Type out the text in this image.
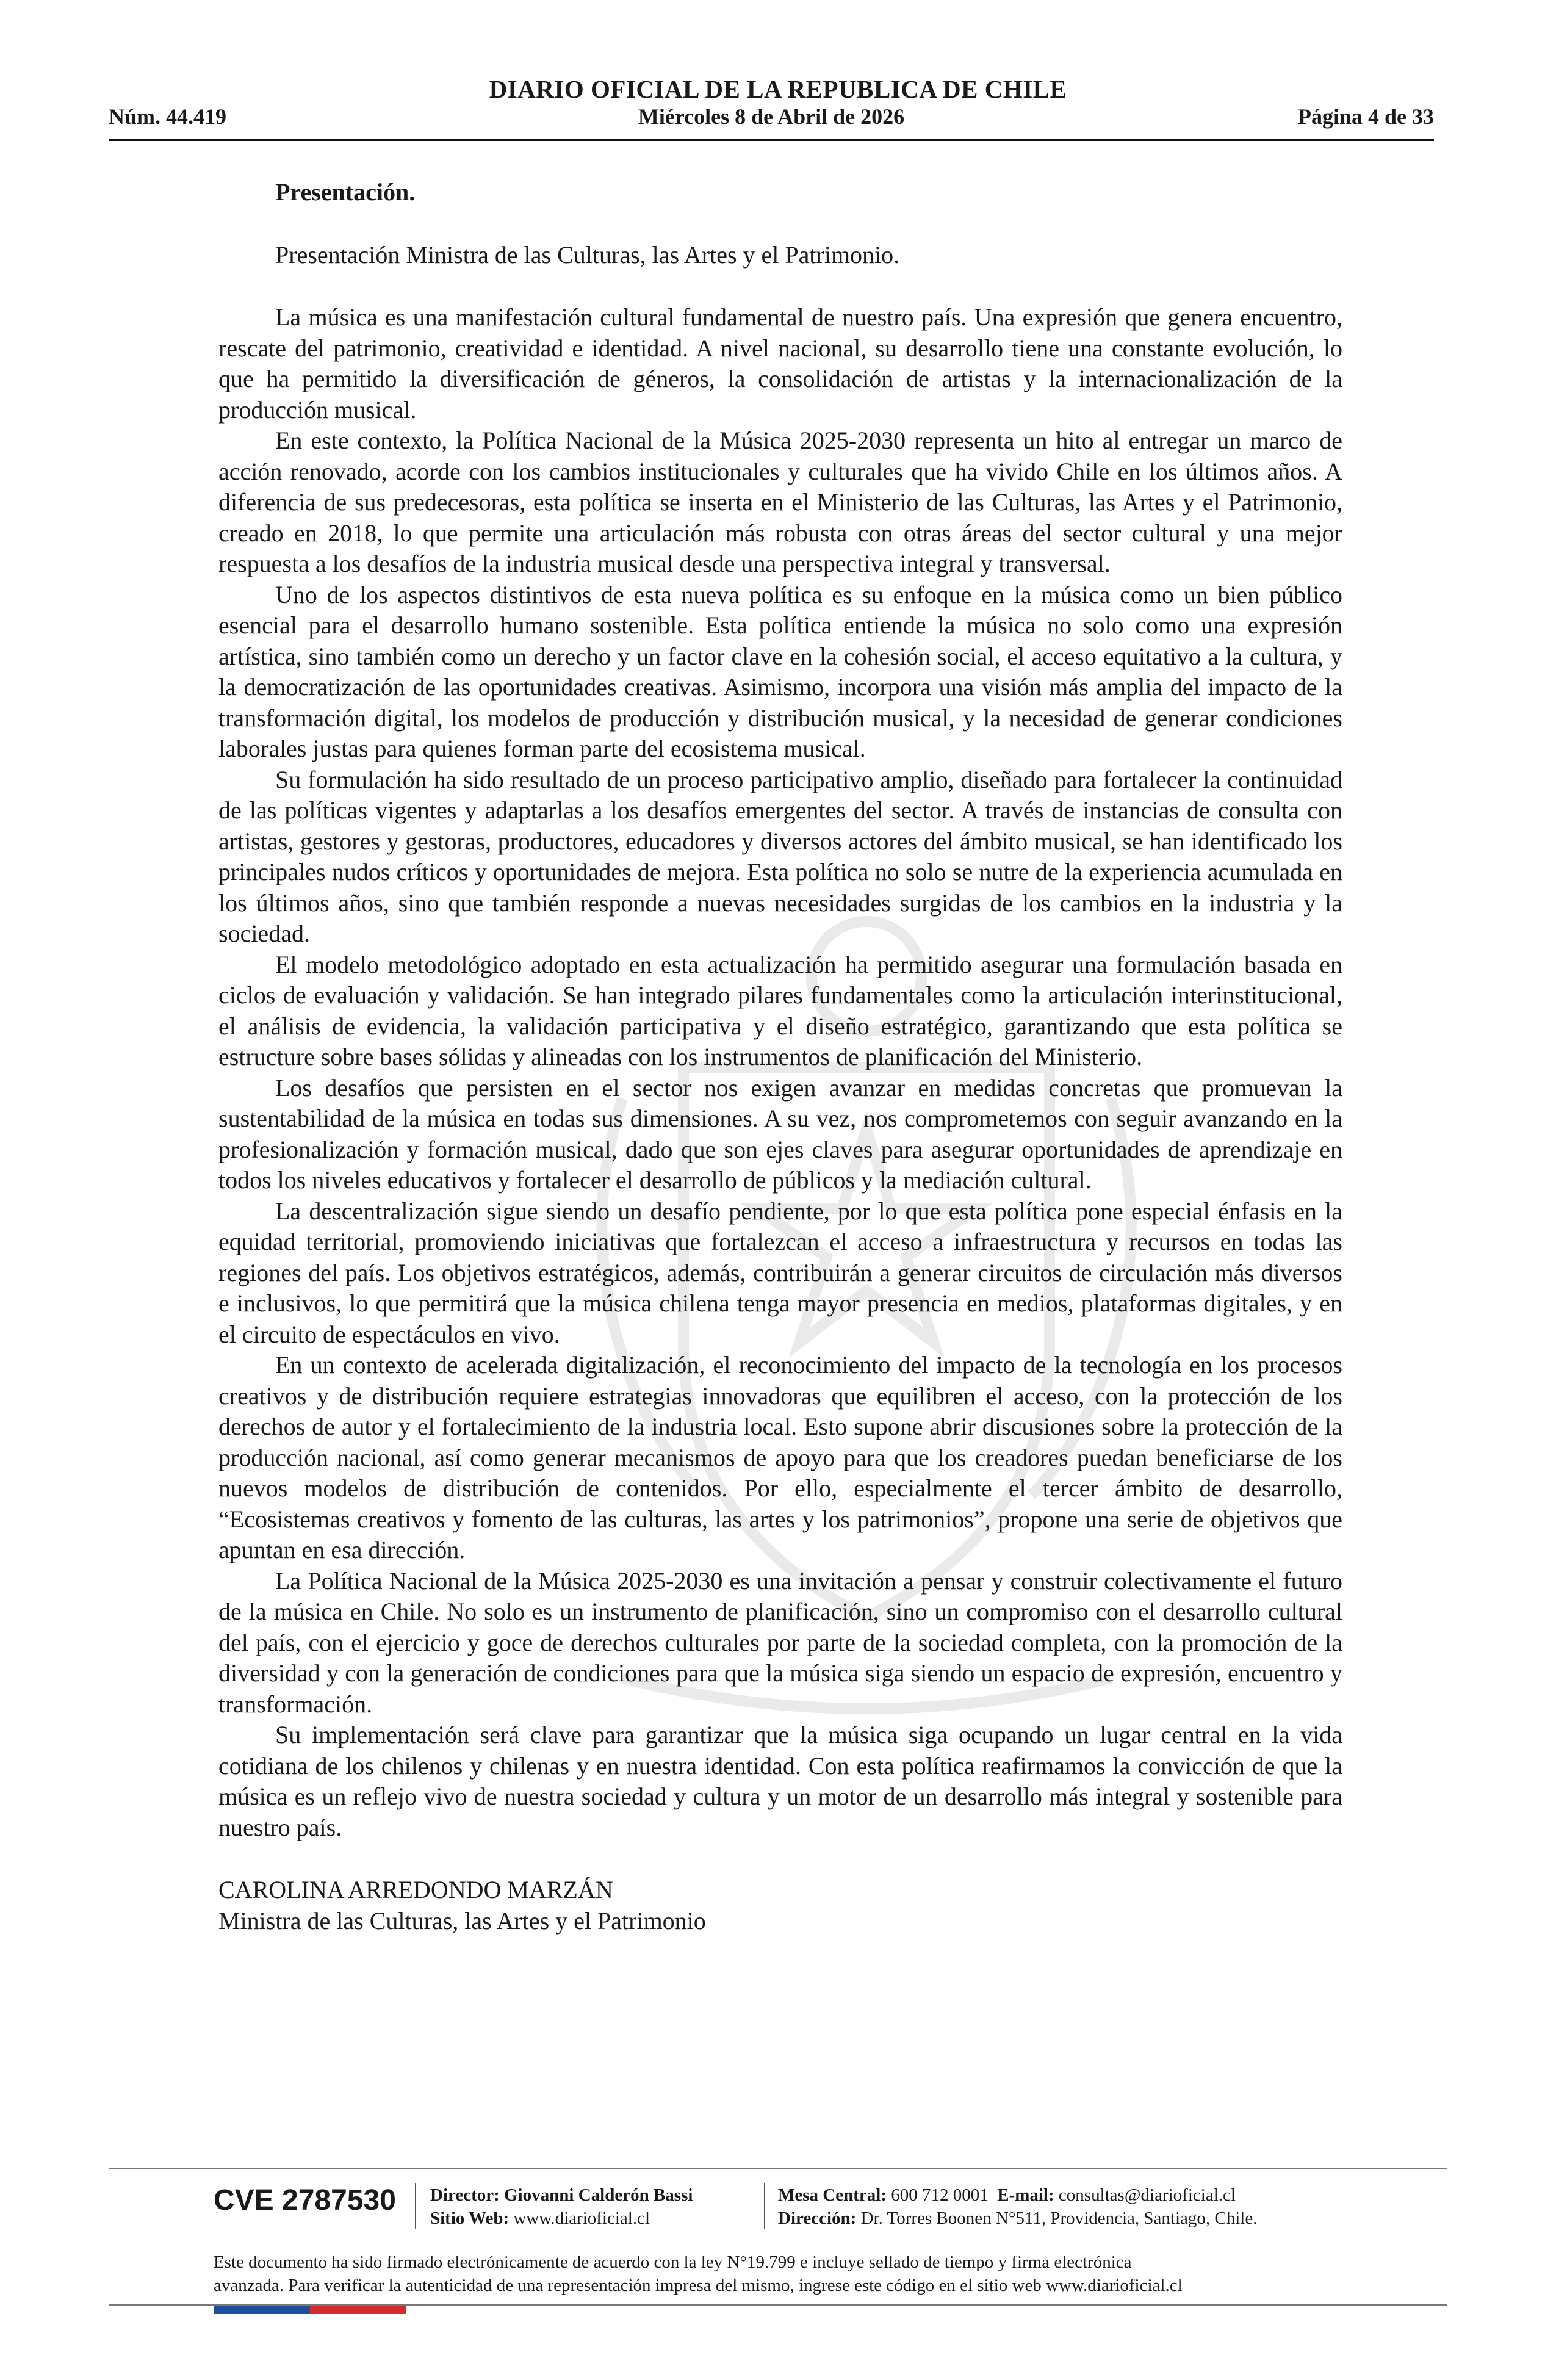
DIARIO OFICIAL DE LA REPUBLICA DE CHILE
Miércoles 8 de Abril de 2026
Núm. 44.419	Página 4 de 33
Presentación.
Presentación Ministra de las Culturas, las Artes y el Patrimonio.

La música es una manifestación cultural fundamental de nuestro país. Una expresión que genera encuentro, rescate del patrimonio, creatividad e identidad. A nivel nacional, su desarrollo tiene una constante evolución, lo que ha permitido la diversificación de géneros, la consolidación de artistas y la internacionalización de la producción musical.

En este contexto, la Política Nacional de la Música 2025-2030 representa un hito al entregar un marco de acción renovado, acorde con los cambios institucionales y culturales que ha vivido Chile en los últimos años. A diferencia de sus predecesoras, esta política se inserta en el Ministerio de las Culturas, las Artes y el Patrimonio, creado en 2018, lo que permite una articulación más robusta con otras áreas del sector cultural y una mejor respuesta a los desafíos de la industria musical desde una perspectiva integral y transversal.

Uno de los aspectos distintivos de esta nueva política es su enfoque en la música como un bien público esencial para el desarrollo humano sostenible. Esta política entiende la música no solo como una expresión artística, sino también como un derecho y un factor clave en la cohesión social, el acceso equitativo a la cultura, y la democratización de las oportunidades creativas. Asimismo, incorpora una visión más amplia del impacto de la transformación digital, los modelos de producción y distribución musical, y la necesidad de generar condiciones laborales justas para quienes forman parte del ecosistema musical.

Su formulación ha sido resultado de un proceso participativo amplio, diseñado para fortalecer la continuidad de las políticas vigentes y adaptarlas a los desafíos emergentes del sector. A través de instancias de consulta con artistas, gestores y gestoras, productores, educadores y diversos actores del ámbito musical, se han identificado los principales nudos críticos y oportunidades de mejora. Esta política no solo se nutre de la experiencia acumulada en los últimos años, sino que también responde a nuevas necesidades surgidas de los cambios en la industria y la sociedad.

El modelo metodológico adoptado en esta actualización ha permitido asegurar una formulación basada en ciclos de evaluación y validación. Se han integrado pilares fundamentales como la articulación interinstitucional, el análisis de evidencia, la validación participativa y el diseño estratégico, garantizando que esta política se estructure sobre bases sólidas y alineadas con los instrumentos de planificación del Ministerio.

Los desafíos que persisten en el sector nos exigen avanzar en medidas concretas que promuevan la sustentabilidad de la música en todas sus dimensiones. A su vez, nos comprometemos con seguir avanzando en la profesionalización y formación musical, dado que son ejes claves para asegurar oportunidades de aprendizaje en todos los niveles educativos y fortalecer el desarrollo de públicos y la mediación cultural.

La descentralización sigue siendo un desafío pendiente, por lo que esta política pone especial énfasis en la equidad territorial, promoviendo iniciativas que fortalezcan el acceso a infraestructura y recursos en todas las regiones del país. Los objetivos estratégicos, además, contribuirán a generar circuitos de circulación más diversos e inclusivos, lo que permitirá que la música chilena tenga mayor presencia en medios, plataformas digitales, y en el circuito de espectáculos en vivo.

En un contexto de acelerada digitalización, el reconocimiento del impacto de la tecnología en los procesos creativos y de distribución requiere estrategias innovadoras que equilibren el acceso, con la protección de los derechos de autor y el fortalecimiento de la industria local. Esto supone abrir discusiones sobre la protección de la producción nacional, así como generar mecanismos de apoyo para que los creadores puedan beneficiarse de los nuevos modelos de distribución de contenidos. Por ello, especialmente el tercer ámbito de desarrollo, “Ecosistemas creativos y fomento de las culturas, las artes y los patrimonios”, propone una serie de objetivos que apuntan en esa dirección.

La Política Nacional de la Música 2025-2030 es una invitación a pensar y construir colectivamente el futuro de la música en Chile. No solo es un instrumento de planificación, sino un compromiso con el desarrollo cultural del país, con el ejercicio y goce de derechos culturales por parte de la sociedad completa, con la promoción de la diversidad y con la generación de condiciones para que la música siga siendo un espacio de expresión, encuentro y transformación.

Su implementación será clave para garantizar que la música siga ocupando un lugar central en la vida cotidiana de los chilenos y chilenas y en nuestra identidad. Con esta política reafirmamos la convicción de que la música es un reflejo vivo de nuestra sociedad y cultura y un motor de un desarrollo más integral y sostenible para nuestro país.

CAROLINA ARREDONDO MARZÁN
Ministra de las Culturas, las Artes y el Patrimonio
CVE 2787530 Director: Giovanni Calderón Bassi
Sitio Web: www.diarioficial.cl
Mesa Central: 600 712 0001 E-mail: consultas@diarioficial.cl
Dirección: Dr. Torres Boonen N°511, Providencia, Santiago, Chile.
Este documento ha sido firmado electrónicamente de acuerdo con la ley N°19.799 e incluye sellado de tiempo y firma electrónica
avanzada. Para verificar la autenticidad de una representación impresa del mismo, ingrese este código en el sitio web www.diarioficial.cl
